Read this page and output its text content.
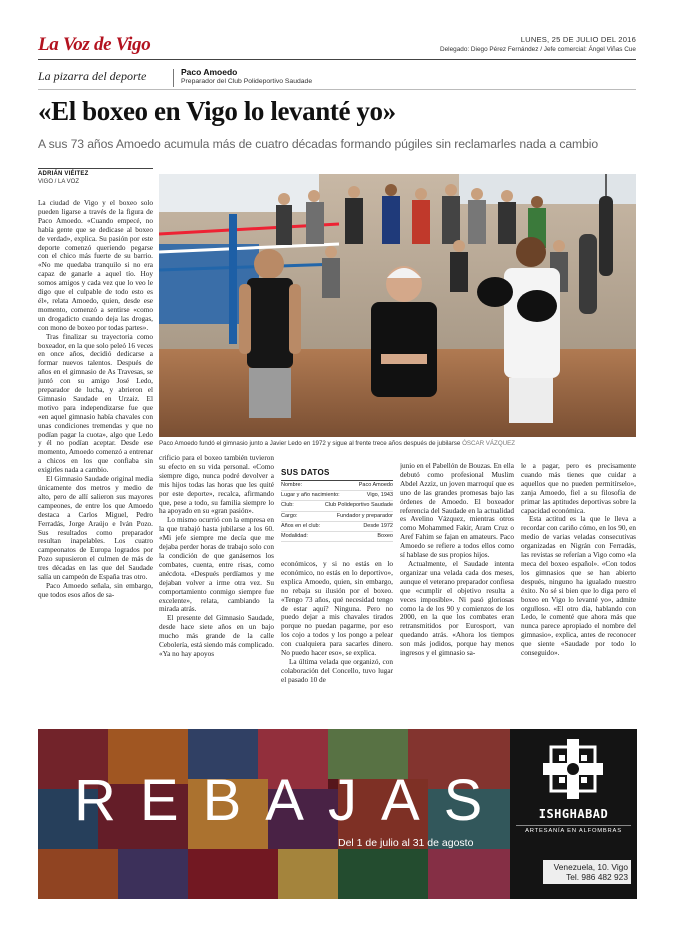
La Voz de Vigo	LUNES, 25 DE JULIO DEL 2016
Delegado: Diego Pérez Fernández / Jefe comercial: Ángel Viñas Cue
La pizarra del deporte	Paco Amoedo
Preparador del Club Polideportivo Saudade
«El boxeo en Vigo lo levanté yo»
A sus 73 años Amoedo acumula más de cuatro décadas formando púgiles sin reclamarles nada a cambio
ADRIÁN VIÉITEZ
VIGO / LA VOZ

La ciudad de Vigo y el boxeo solo pueden ligarse a través de la figura de Paco Amoedo. «Cuando empecé, no había gente que se dedicase al boxeo de verdad», explica. Su pasión por este deporte comenzó queriendo pegarse con el chico más fuerte de su barrio. «No me quedaba tranquilo si no era capaz de ganarle a aquel tío. Hoy somos amigos y cada vez que lo veo le digo que el culpable de todo esto es él», relata Amoedo, quien, desde ese momento, comenzó a sentirse «como un drogadicto cuando deja las drogas, con mono de boxeo por todas partes».

Tras finalizar su trayectoria como boxeador, en la que solo peleó 16 veces en once años, decidió dedicarse a formar nuevos talentos. Después de años en el gimnasio de As Travesas, se juntó con su amigo José Ledo, preparador de lucha, y abrieron el Gimnasio Saudade en Urzaiz. El motivo para independizarse fue que «en aquel gimnasio había chavales con unas condiciones tremendas y que no podían pagar la cuota», algo que Ledo y él no podían aceptar. Desde ese momento, Amoedo comenzó a entrenar a chicos en los que confiaba sin exigirles nada a cambio.

El Gimnasio Saudade original media únicamente dos metros y medio de alto, pero de allí salieron sus mayores campeones, de entre los que Amoedo destaca a Carlos Miguel, Pedro Ferradás, Jorge Araújo e Iván Pozo. Sus resultados como preparador resultan inapelables. Los cuatro campeonatos de Europa logrados por Pozo supusieron el culmen de más de tres décadas en las que del Saudade salía un campeón de España tras otro.

Paco Amoedo señala, sin embargo, que todos esos años de sa-

Paco Amoedo fundó el gimnasio junto a Javier Ledo en 1972 y sigue al frente trece años después de jubilarse ÓSCAR VÁZQUEZ

crificio para el boxeo también tuvieron su efecto en su vida personal. «Como siempre digo, nunca podré devolver a mis hijos todas las horas que les quité por este deporte», recalca, afirmando que, pese a todo, su familia siempre lo ha apoyado en su «gran pasión».

Lo mismo ocurrió con la empresa en la que trabajó hasta jubilarse a los 60. «Mi jefe siempre me decía que me dejaba perder horas de trabajo solo con la condición de que ganásemos los combates, cuenta, entre risas, como anécdota. «Después perdíamos y me dejaban volver a irme otra vez. Su comportamiento conmigo siempre fue excelente», relata, cambiando la mirada atrás.

El presente del Gimnasio Saudade, desde hace siete años en un bajo mucho más grande de la calle Cebolería, está siendo más complicado. «Ya no hay apoyos

SUS DATOS
Nombre:	Paco Amoedo
Lugar y año nacimiento:	Vigo, 1943
Club:	Club Polideportivo Saudade
Cargo:	Fundador y preparador
Años en el club:	Desde 1972
Modalidad:	Boxeo

económicos, y si no estás en lo económico, no estás en lo deportivo», explica Amoedo, quien, sin embargo, no rebaja su ilusión por el boxeo. «Tengo 73 años, qué necesidad tengo de estar aquí? Ninguna. Pero no puedo dejar a mis chavales tirados porque no puedan pagarme, por eso los cojo a todos y los pongo a pelear con cualquiera para sacarles dinero. No puedo hacer eso», se explica.

La última velada que organizó, con colaboración del Concello, tuvo lugar el pasado 10 de

junio en el Pabellón de Bouzas. En ella debutó como profesional Muslim Abdel Azziz, un joven marroquí que es uno de las grandes promesas bajo las órdenes de Amoedo. El boxeador referencia del Saudade en la actualidad es Avelino Vázquez, mientras otros como Mohammed Fakir, Aram Cruz o Aref Fahim se fajan en amateurs. Paco Amoedo se refiere a todos ellos como sí hablase de sus propios hijos.

Actualmente, el Saudade intenta organizar una velada cada dos meses, aunque el veterano preparador confiesa que «cumplir el objetivo resulta a veces imposible». Ni pasó gloriosas como la de los 90 y comienzos de los 2000, en la que los combates eran retransmitidos por Eurosport, van quedando atrás. «Ahora los tiempos son más jodidos, porque hay menos ingresos y el gimnasio sa-

le a pagar, pero es precisamente cuando más tienes que cuidar a aquellos que no pueden permitírselo», zanja Amoedo, fiel a su filosofía de primar las aptitudes deportivas sobre la capacidad económica.

Esta actitud es la que le lleva a recordar con cariño cómo, en los 90, en medio de varias veladas consecutivas organizadas en Nigrán con Ferradás, las revistas se referían a Vigo como «la meca del boxeo español». «Con todos los gimnasios que se han abierto después, ninguno ha igualado nuestro éxito. No sé si bien que lo diga pero el boxeo en Vigo lo levanté yo», admite orgulloso. «El otro día, hablando con Ledo, le comenté que ahora más que nunca parece apropiado el nombre del gimnasio», explica, antes de reconocer que siente «Saudade por todo lo conseguido».

REBAJAS
Del 1 de julio al 31 de agosto
ISHGHABAD
ARTESANÍA EN ALFOMBRAS
Venezuela, 10. Vigo
Tel. 986 482 923
